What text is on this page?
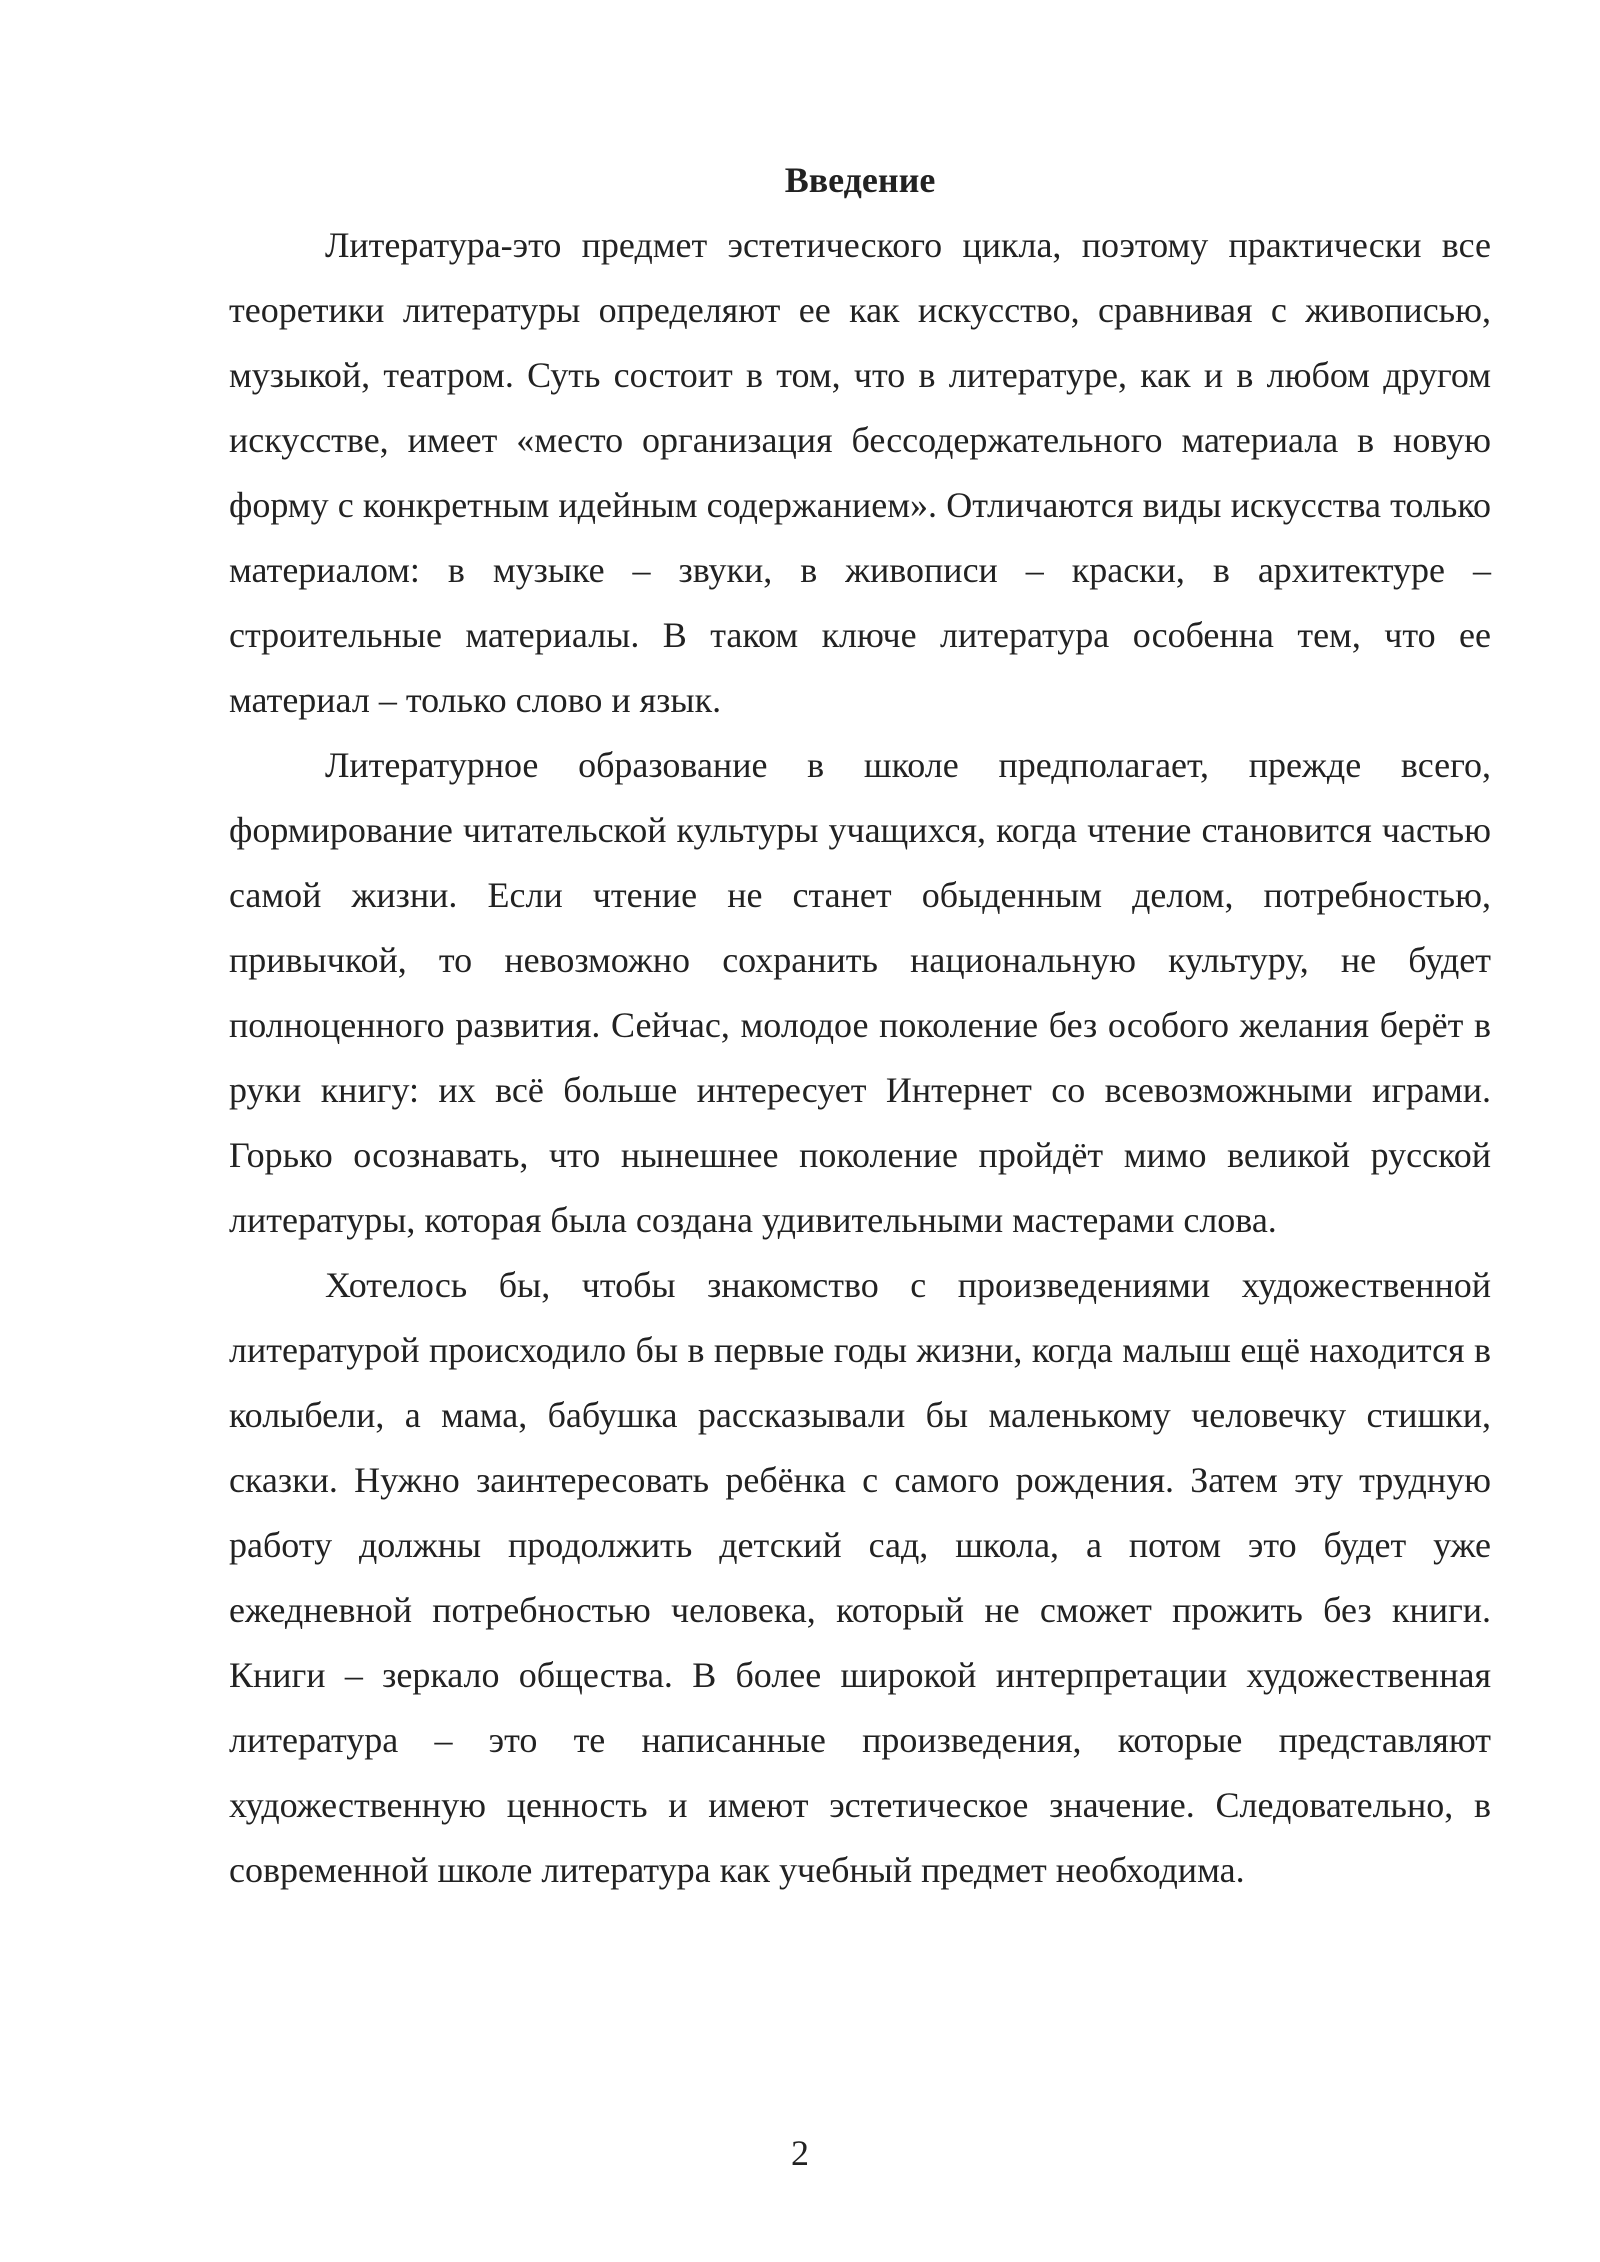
Введение

Литература-это предмет эстетического цикла, поэтому практически все теоретики литературы определяют ее как искусство, сравнивая с живописью, музыкой, театром. Суть состоит в том, что в литературе, как и в любом другом искусстве, имеет «место организация бессодержательного материала в новую форму с конкретным идейным содержанием». Отличаются виды искусства только материалом: в музыке – звуки, в живописи – краски, в архитектуре – строительные материалы. В таком ключе литература особенна тем, что ее материал – только слово и язык.

Литературное образование в школе предполагает, прежде всего, формирование читательской культуры учащихся, когда чтение становится частью самой жизни. Если чтение не станет обыденным делом, потребностью, привычкой, то невозможно сохранить национальную культуру, не будет полноценного развития. Сейчас, молодое поколение без особого желания берёт в руки книгу: их всё больше интересует Интернет со всевозможными играми. Горько осознавать, что нынешнее поколение пройдёт мимо великой русской литературы, которая была создана удивительными мастерами слова.

Хотелось бы, чтобы знакомство с произведениями художественной литературой происходило бы в первые годы жизни, когда малыш ещё находится в колыбели, а мама, бабушка рассказывали бы маленькому человечку стишки, сказки. Нужно заинтересовать ребёнка с самого рождения. Затем эту трудную работу должны продолжить детский сад, школа, а потом это будет уже ежедневной потребностью человека, который не сможет прожить без книги. Книги – зеркало общества. В более широкой интерпретации художественная литература – это те написанные произведения, которые представляют художественную ценность и имеют эстетическое значение. Следовательно, в современной школе литература как учебный предмет необходима.

2
